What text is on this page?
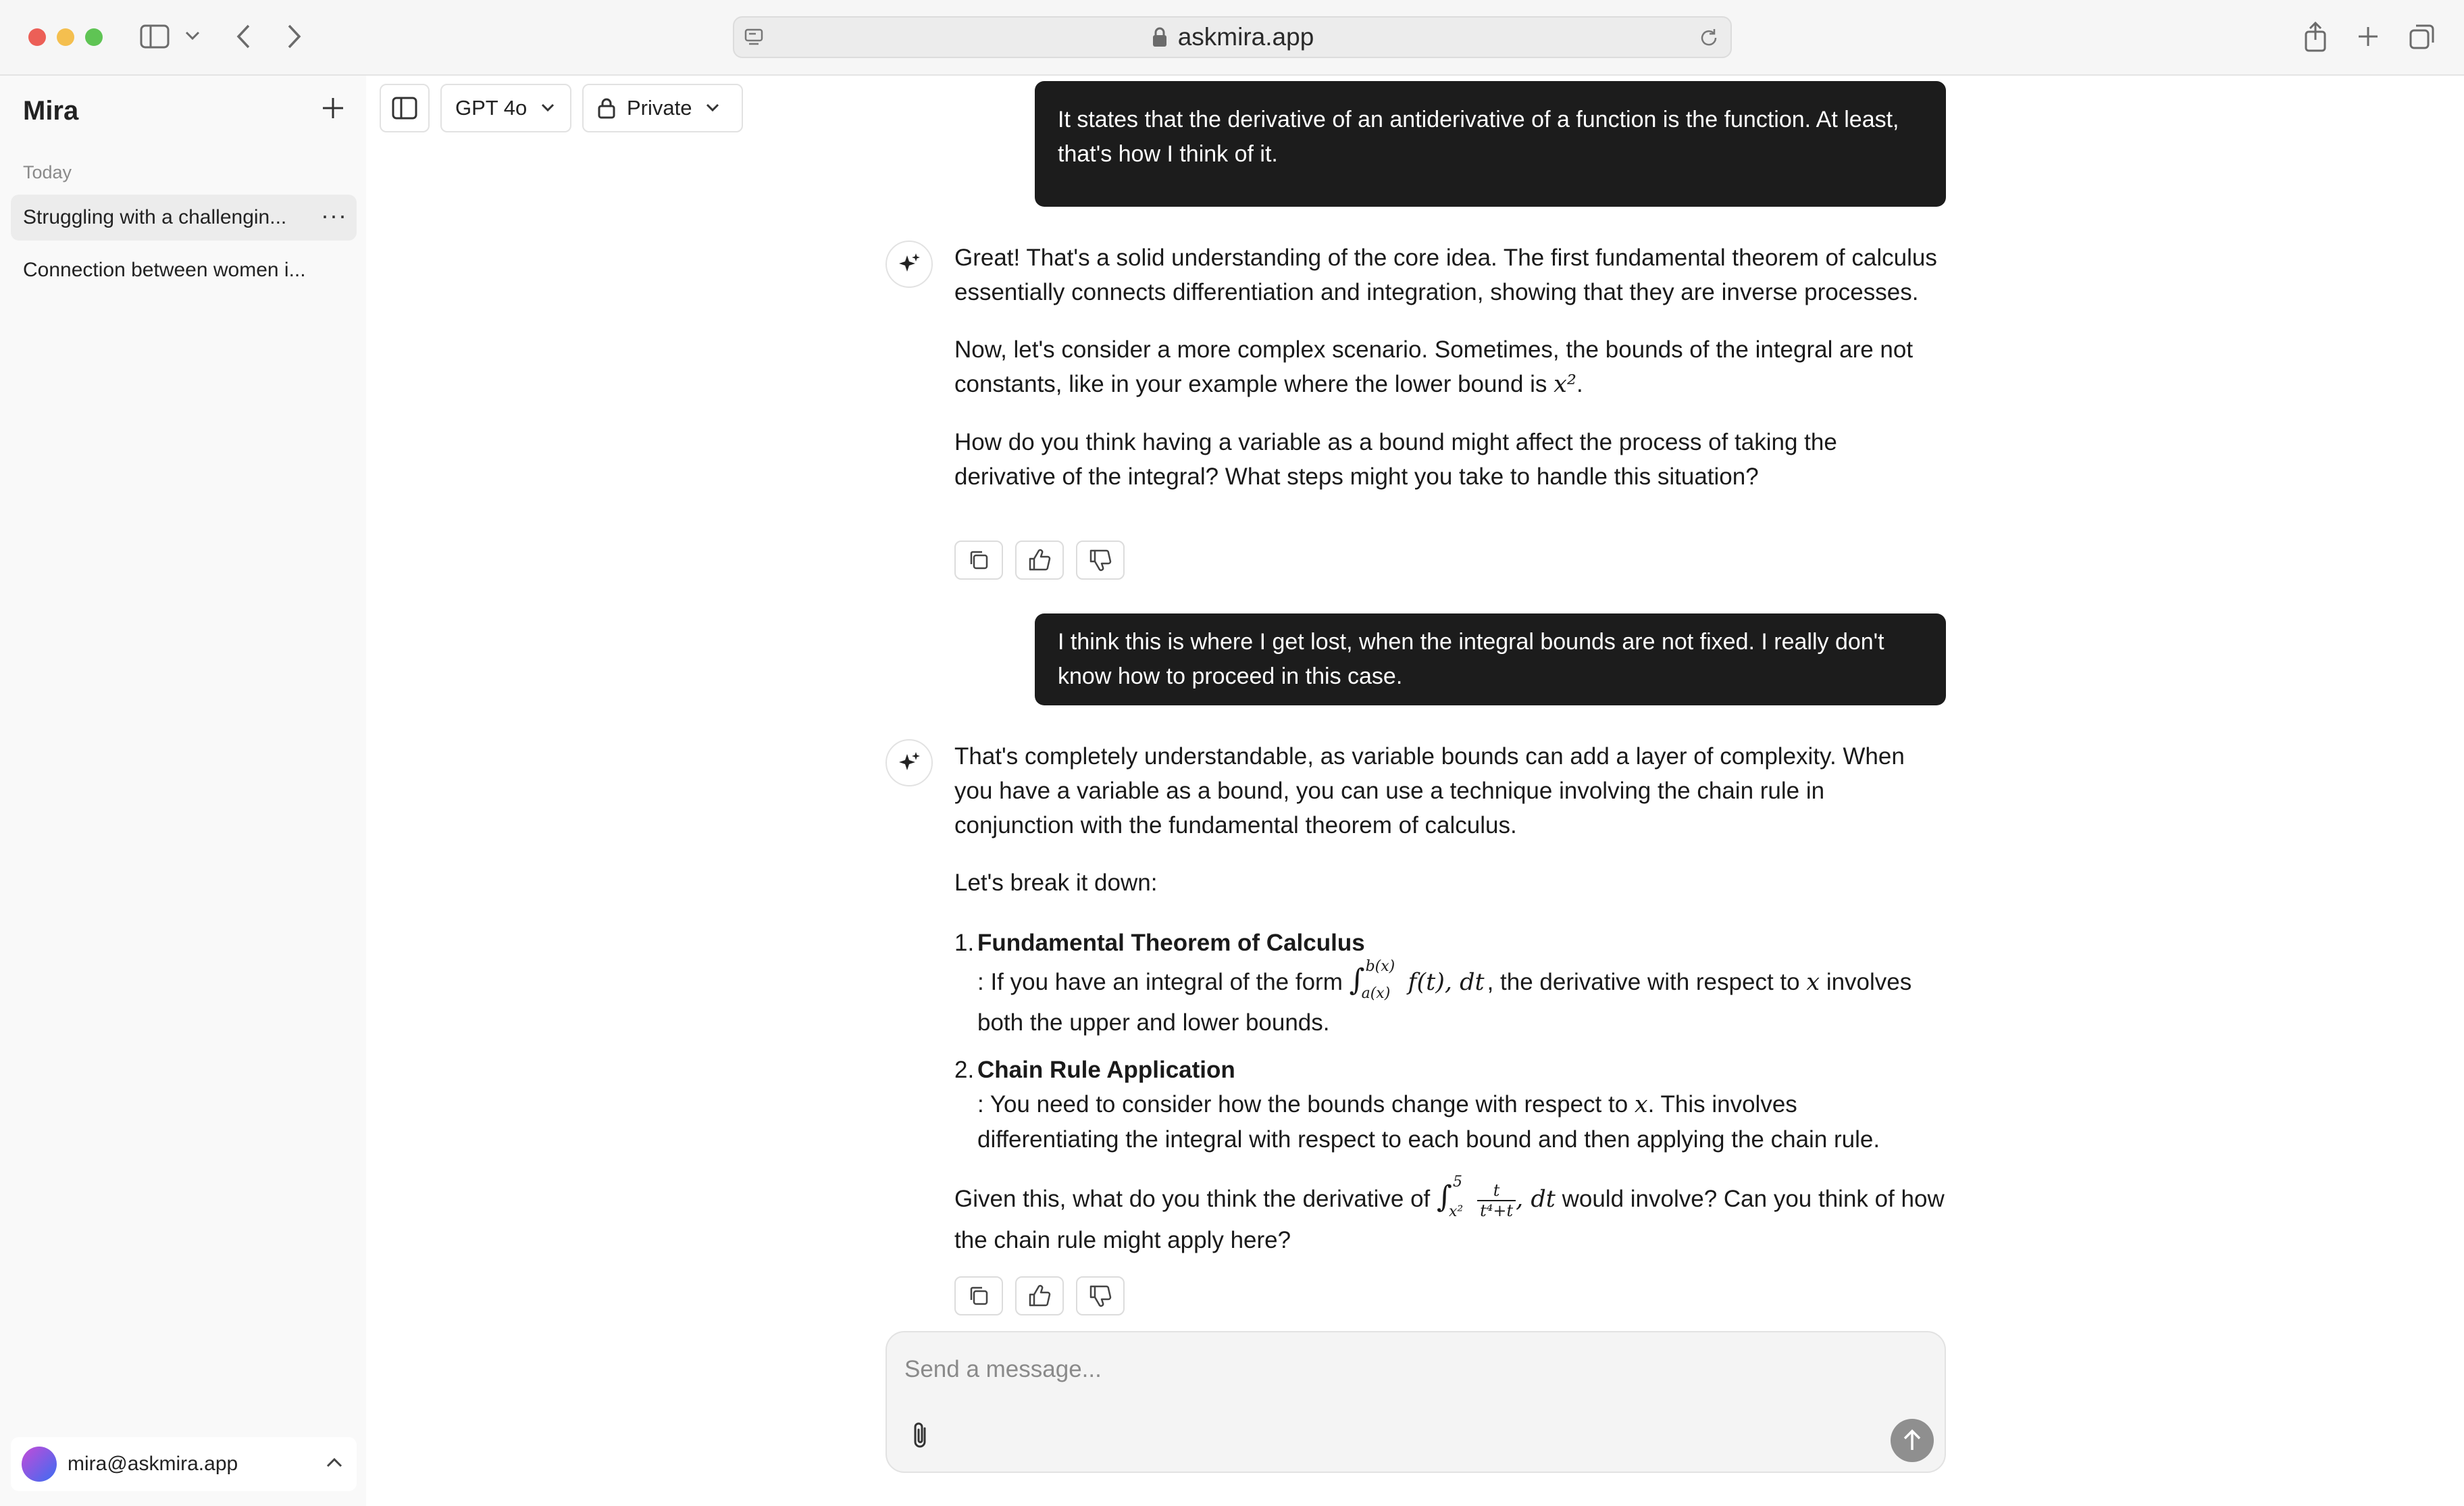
askmira.app
Mira
Today
Struggling with a challengin... ···
Connection between women i...
mira@askmira.app
GPT 4o	Private	It states that the derivative of an antiderivative of a function is the function. At least, that's how I think of it.

Great! That's a solid understanding of the core idea. The first fundamental theorem of calculus essentially connects differentiation and integration, showing that they are inverse processes.

Now, let's consider a more complex scenario. Sometimes, the bounds of the integral are not constants, like in your example where the lower bound is x².

How do you think having a variable as a bound might affect the process of taking the derivative of the integral? What steps might you take to handle this situation?

I think this is where I get lost, when the integral bounds are not fixed. I really don't know how to proceed in this case.

That's completely understandable, as variable bounds can add a layer of complexity. When you have a variable as a bound, you can use a technique involving the chain rule in conjunction with the fundamental theorem of calculus.

Let's break it down:

1. Fundamental Theorem of Calculus
: If you have an integral of the form ∫ b(x)
a(x) f(t), dt , the derivative with respect to x involves both the upper and lower bounds.
2. Chain Rule Application
: You need to consider how the bounds change with respect to x. This involves differentiating the integral with respect to each bound and then applying the chain rule.

Given this, what do you think the derivative of ∫ 5
x²
$\frac{t}{\text{t⁴+t}}$ , dt would involve? Can you think of how the chain rule might apply here?

Send a message...
